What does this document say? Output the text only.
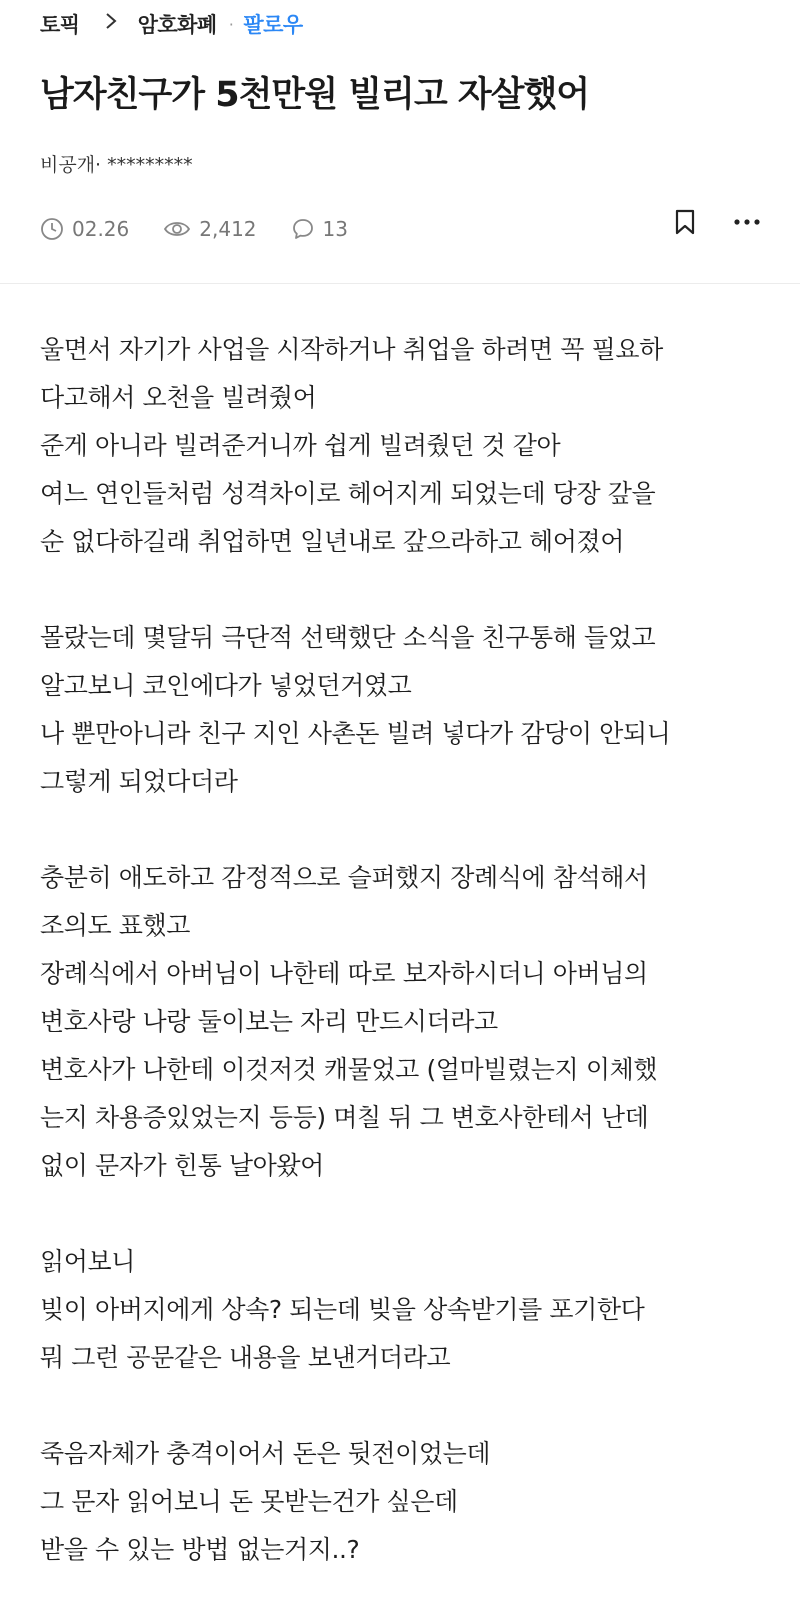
토픽	암호화폐 · 팔로우
남자친구가 5천만원 빌리고 자살했어
비공개· *********
02.26	2,412	13
울면서 자기가 사업을 시작하거나 취업을 하려면 꼭 필요하
다고해서 오천을 빌려줬어
준게 아니라 빌려준거니까 쉽게 빌려줬던 것 같아
여느 연인들처럼 성격차이로 헤어지게 되었는데 당장 갚을
순 없다하길래 취업하면 일년내로 갚으라하고 헤어졌어
몰랐는데 몇달뒤 극단적 선택했단 소식을 친구통해 들었고
알고보니 코인에다가 넣었던거였고
나 뿐만아니라 친구 지인 사촌돈 빌려 넣다가 감당이 안되니
그렇게 되었다더라
충분히 애도하고 감정적으로 슬퍼했지 장례식에 참석해서
조의도 표했고
장례식에서 아버님이 나한테 따로 보자하시더니 아버님의
변호사랑 나랑 둘이보는 자리 만드시더라고
변호사가 나한테 이것저것 캐물었고 (얼마빌렸는지 이체했
는지 차용증있었는지 등등) 며칠 뒤 그 변호사한테서 난데
없이 문자가 힌통 날아왔어
읽어보니
빚이 아버지에게 상속? 되는데 빚을 상속받기를 포기한다
뭐 그런 공문같은 내용을 보낸거더라고
죽음자체가 충격이어서 돈은 뒷전이었는데
그 문자 읽어보니 돈 못받는건가 싶은데
받을 수 있는 방법 없는거지..?
